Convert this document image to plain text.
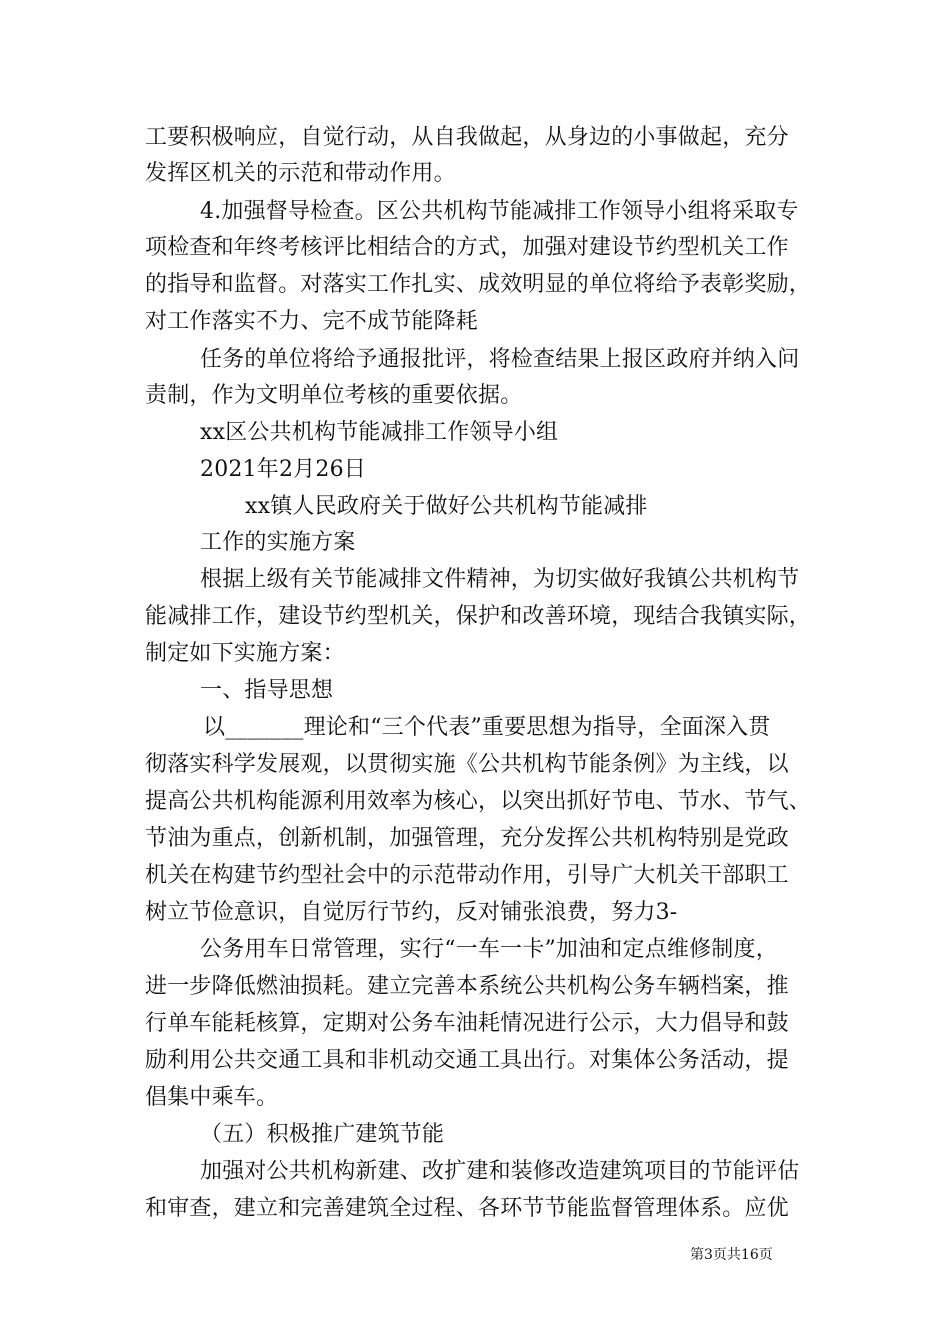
工要积极响应，自觉行动，从自我做起，从身边的小事做起，充分
发挥区机关的示范和带动作用。
4.加强督导检查。区公共机构节能减排工作领导小组将采取专
项检查和年终考核评比相结合的方式，加强对建设节约型机关工作
的指导和监督。对落实工作扎实、成效明显的单位将给予表彰奖励，
对工作落实不力、完不成节能降耗
任务的单位将给予通报批评，将检查结果上报区政府并纳入问
责制，作为文明单位考核的重要依据。
xx区公共机构节能减排工作领导小组
2021年2月26日
xx镇人民政府关于做好公共机构节能减排
工作的实施方案
根据上级有关节能减排文件精神，为切实做好我镇公共机构节
能减排工作，建设节约型机关，保护和改善环境，现结合我镇实际，
制定如下实施方案：
一、指导思想
以_______理论和“三个代表”重要思想为指导，全面深入贯
彻落实科学发展观，以贯彻实施《公共机构节能条例》为主线，以
提高公共机构能源利用效率为核心，以突出抓好节电、节水、节气、
节油为重点，创新机制，加强管理，充分发挥公共机构特别是党政
机关在构建节约型社会中的示范带动作用，引导广大机关干部职工
树立节俭意识，自觉厉行节约，反对铺张浪费，努力3-
公务用车日常管理，实行“一车一卡”加油和定点维修制度，
进一步降低燃油损耗。建立完善本系统公共机构公务车辆档案，推
行单车能耗核算，定期对公务车油耗情况进行公示，大力倡导和鼓
励利用公共交通工具和非机动交通工具出行。对集体公务活动，提
倡集中乘车。
（五）积极推广建筑节能
加强对公共机构新建、改扩建和装修改造建筑项目的节能评估
和审查，建立和完善建筑全过程、各环节节能监督管理体系。应优
第3页共16页
